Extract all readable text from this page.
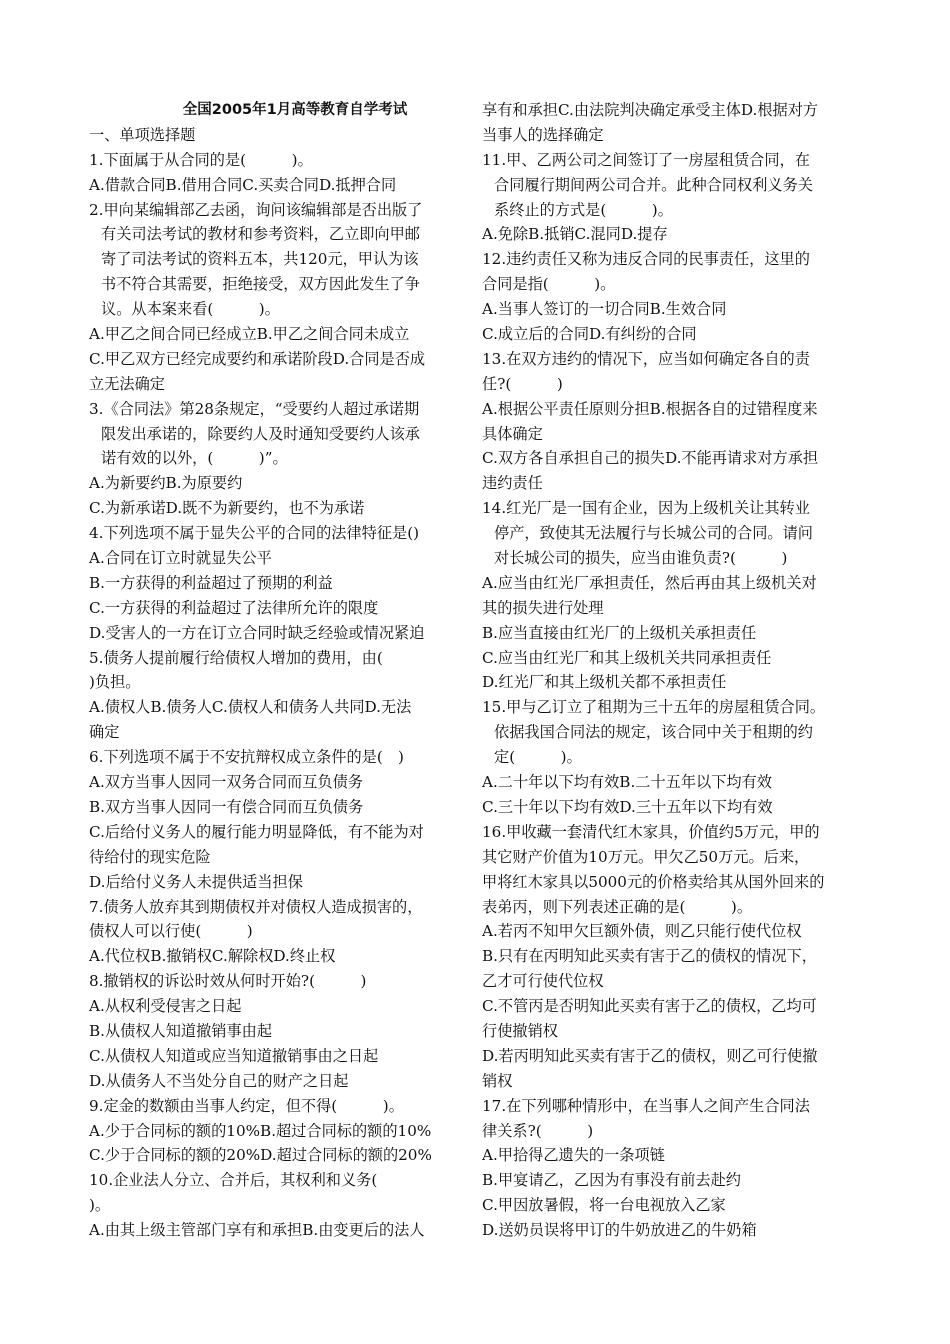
全国2005年1月高等教育自学考试
一、单项选择题
1.下面属于从合同的是(　　　)。
A.借款合同B.借用合同C.买卖合同D.抵押合同
2.甲向某编辑部乙去函，询问该编辑部是否出版了
有关司法考试的教材和参考资料，乙立即向甲邮
寄了司法考试的资料五本，共120元，甲认为该
书不符合其需要，拒绝接受，双方因此发生了争
议。从本案来看(　　　)。
A.甲乙之间合同已经成立B.甲乙之间合同未成立
C.甲乙双方已经完成要约和承诺阶段D.合同是否成
立无法确定
3.《合同法》第28条规定，“受要约人超过承诺期
限发出承诺的，除要约人及时通知受要约人该承
诺有效的以外，(　　　)”。
A.为新要约B.为原要约
C.为新承诺D.既不为新要约，也不为承诺
4.下列选项不属于显失公平的合同的法律特征是()
A.合同在订立时就显失公平
B.一方获得的利益超过了预期的利益
C.一方获得的利益超过了法律所允许的限度
D.受害人的一方在订立合同时缺乏经验或情况紧迫
5.债务人提前履行给债权人增加的费用，由(
)负担。
A.债权人B.债务人C.债权人和债务人共同D.无法
确定
6.下列选项不属于不安抗辩权成立条件的是(　)
A.双方当事人因同一双务合同而互负债务
B.双方当事人因同一有偿合同而互负债务
C.后给付义务人的履行能力明显降低，有不能为对
待给付的现实危险
D.后给付义务人未提供适当担保
7.债务人放弃其到期债权并对债权人造成损害的，
债权人可以行使(　　　)
A.代位权B.撤销权C.解除权D.终止权
8.撤销权的诉讼时效从何时开始?(　　　)
A.从权利受侵害之日起
B.从债权人知道撤销事由起
C.从债权人知道或应当知道撤销事由之日起
D.从债务人不当处分自己的财产之日起
9.定金的数额由当事人约定，但不得(　　　)。
A.少于合同标的额的10%B.超过合同标的额的10%
C.少于合同标的额的20%D.超过合同标的额的20%
10.企业法人分立、合并后，其权利和义务(
)。
A.由其上级主管部门享有和承担B.由变更后的法人
享有和承担C.由法院判决确定承受主体D.根据对方
当事人的选择确定
11.甲、乙两公司之间签订了一房屋租赁合同，在
合同履行期间两公司合并。此种合同权利义务关
系终止的方式是(　　　)。
A.免除B.抵销C.混同D.提存
12.违约责任又称为违反合同的民事责任，这里的
合同是指(　　　)。
A.当事人签订的一切合同B.生效合同
C.成立后的合同D.有纠纷的合同
13.在双方违约的情况下，应当如何确定各自的责
任?(　　　)
A.根据公平责任原则分担B.根据各自的过错程度来
具体确定
C.双方各自承担自己的损失D.不能再请求对方承担
违约责任
14.红光厂是一国有企业，因为上级机关让其转业
停产，致使其无法履行与长城公司的合同。请问
对长城公司的损失，应当由谁负责?(　　　)
A.应当由红光厂承担责任，然后再由其上级机关对
其的损失进行处理
B.应当直接由红光厂的上级机关承担责任
C.应当由红光厂和其上级机关共同承担责任
D.红光厂和其上级机关都不承担责任
15.甲与乙订立了租期为三十五年的房屋租赁合同。
依据我国合同法的规定，该合同中关于租期的约
定(　　　)。
A.二十年以下均有效B.二十五年以下均有效
C.三十年以下均有效D.三十五年以下均有效
16.甲收藏一套清代红木家具，价值约5万元，甲的
其它财产价值为10万元。甲欠乙50万元。后来，
甲将红木家具以5000元的价格卖给其从国外回来的
表弟丙，则下列表述正确的是(　　　)。
A.若丙不知甲欠巨额外债，则乙只能行使代位权
B.只有在丙明知此买卖有害于乙的债权的情况下，
乙才可行使代位权
C.不管丙是否明知此买卖有害于乙的债权，乙均可
行使撤销权
D.若丙明知此买卖有害于乙的债权，则乙可行使撤
销权
17.在下列哪种情形中，在当事人之间产生合同法
律关系?(　　　)
A.甲拾得乙遗失的一条项链
B.甲宴请乙，乙因为有事没有前去赴约
C.甲因放暑假，将一台电视放入乙家
D.送奶员误将甲订的牛奶放进乙的牛奶箱
